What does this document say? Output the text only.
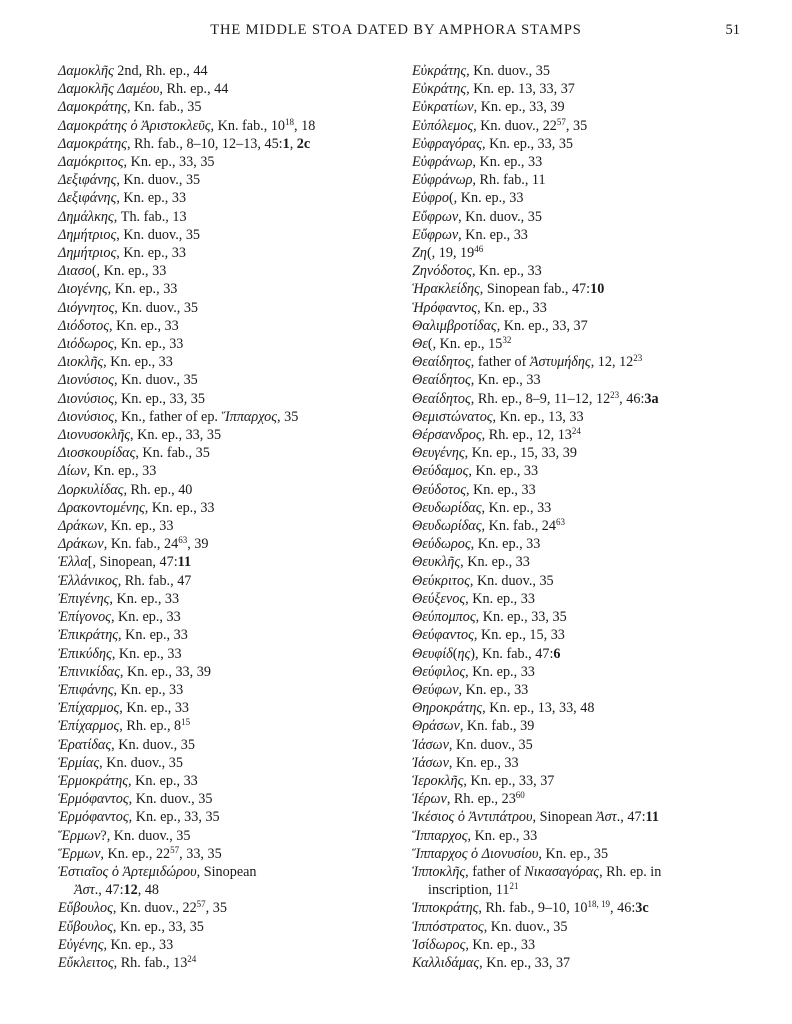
THE MIDDLE STOA DATED BY AMPHORA STAMPS	51
Δαμοκλῆς 2nd, Rh. ep., 44
Δαμοκλῆς Δαμέου, Rh. ep., 44
Δαμοκράτης, Kn. fab., 35
Δαμοκράτης ὁ Ἀριστοκλεῦς, Kn. fab., $10^{18}$, 18
Δαμοκράτης, Rh. fab., 8–10, 12–13, 45:1, 2c
Δαμόκριτος, Kn. ep., 33, 35
Δεξιφάνης, Kn. duov., 35
Δεξιφάνης, Kn. ep., 33
Δημάλκης, Th. fab., 13
Δημήτριος, Kn. duov., 35
Δημήτριος, Kn. ep., 33
Διασο(, Kn. ep., 33
Διογένης, Kn. ep., 33
Διόγνητος, Kn. duov., 35
Διόδοτος, Kn. ep., 33
Διόδωρος, Kn. ep., 33
Διοκλῆς, Kn. ep., 33
Διονύσιος, Kn. duov., 35
Διονύσιος, Kn. ep., 33, 35
Διονύσιος, Kn., father of ep. Ἵππαρχος, 35
Διονυσοκλῆς, Kn. ep., 33, 35
Διοσκουρίδας, Kn. fab., 35
Δίων, Kn. ep., 33
Δορκυλίδας, Rh. ep., 40
Δρακοντομένης, Kn. ep., 33
Δράκων, Kn. ep., 33
Δράκων, Kn. fab., $24^{63}$, 39
Ἑλλα[, Sinopean, 47:11
Ἑλλάνικος, Rh. fab., 47
Ἐπιγένης, Kn. ep., 33
Ἐπίγονος, Kn. ep., 33
Ἐπικράτης, Kn. ep., 33
Ἐπικύδης, Kn. ep., 33
Ἐπινικίδας, Kn. ep., 33, 39
Ἐπιφάνης, Kn. ep., 33
Ἐπίχαρμος, Kn. ep., 33
Ἐπίχαρμος, Rh. ep., $8^{15}$
Ἐρατίδας, Kn. duov., 35
Ἑρμίας, Kn. duov., 35
Ἑρμοκράτης, Kn. ep., 33
Ἑρμόφαντος, Kn. duov., 35
Ἑρμόφαντος, Kn. ep., 33, 35
Ἕρμων?, Kn. duov., 35
Ἕρμων, Kn. ep., $22^{57}$, 33, 35
Ἑστιαῖος ὁ Ἀρτεμιδώρου, Sinopean
Ἀστ., 47:12, 48
Εὔβουλος, Kn. duov., $22^{57}$, 35
Εὔβουλος, Kn. ep., 33, 35
Εὐγένης, Kn. ep., 33
Εὔκλειτος, Rh. fab., $13^{24}$
Εὐκράτης, Kn. duov., 35
Εὐκράτης, Kn. ep. 13, 33, 37
Εὐκρατίων, Kn. ep., 33, 39
Εὐπόλεμος, Kn. duov., $22^{57}$, 35
Εὐφραγόρας, Kn. ep., 33, 35
Εὐφράνωρ, Kn. ep., 33
Εὐφράνωρ, Rh. fab., 11
Εὐφρο(, Kn. ep., 33
Εὔφρων, Kn. duov., 35
Εὔφρων, Kn. ep., 33
Ζη(, 19, $19^{46}$
Ζηνόδοτος, Kn. ep., 33
Ἡρακλείδης, Sinopean fab., 47:10
Ἡρόφαντος, Kn. ep., 33
Θαλιμβροτίδας, Kn. ep., 33, 37
Θε(, Kn. ep., $15^{32}$
Θεαίδητος, father of Ἀστυμήδης, 12, $12^{23}$
Θεαίδητος, Kn. ep., 33
Θεαίδητος, Rh. ep., 8–9, 11–12, $12^{23}$, 46:3a
Θεμιστώνατος, Kn. ep., 13, 33
Θέρσανδρος, Rh. ep., 12, $13^{24}$
Θευγένης, Kn. ep., 15, 33, 39
Θεύδαμος, Kn. ep., 33
Θεύδοτος, Kn. ep., 33
Θευδωρίδας, Kn. ep., 33
Θευδωρίδας, Kn. fab., $24^{63}$
Θεύδωρος, Kn. ep., 33
Θευκλῆς, Kn. ep., 33
Θεύκριτος, Kn. duov., 35
Θεύξενος, Kn. ep., 33
Θεύπομπος, Kn. ep., 33, 35
Θεύφαντος, Kn. ep., 15, 33
Θευφίδ(ης), Kn. fab., 47:6
Θεύφιλος, Kn. ep., 33
Θεύφων, Kn. ep., 33
Θηροκράτης, Kn. ep., 13, 33, 48
Θράσων, Kn. fab., 39
Ἰάσων, Kn. duov., 35
Ἰάσων, Kn. ep., 33
Ἱεροκλῆς, Kn. ep., 33, 37
Ἱέρων, Rh. ep., $23^{60}$
Ἱκέσιος ὁ Ἀντιπάτρου, Sinopean Ἀστ., 47:11
Ἵππαρχος, Kn. ep., 33
Ἵππαρχος ὁ Διονυσίου, Kn. ep., 35
Ἱπποκλῆς, father of Νικασαγόρας, Rh. ep. in
inscription, $11^{21}$
Ἱπποκράτης, Rh. fab., 9–10, 10$^{18, 19}$, 46:3c
Ἱππόστρατος, Kn. duov., 35
Ἰσίδωρος, Kn. ep., 33
Καλλιδάμας, Kn. ep., 33, 37
